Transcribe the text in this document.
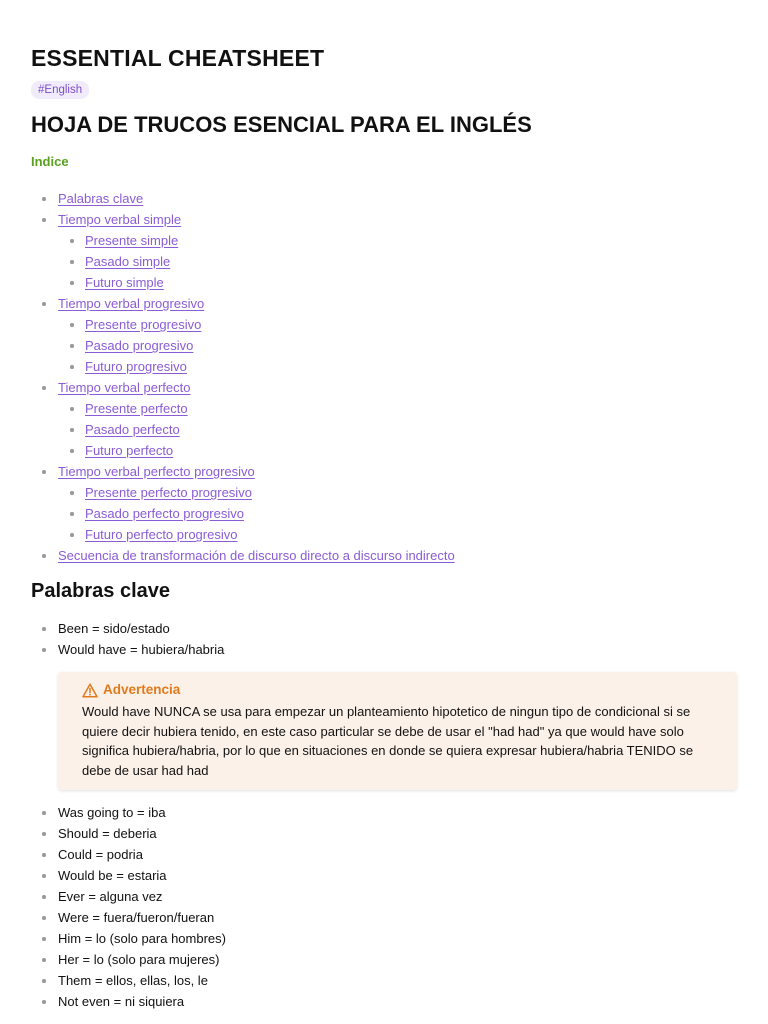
ESSENTIAL CHEATSHEET
#English
HOJA DE TRUCOS ESENCIAL PARA EL INGLÉS
Indice
Palabras clave
Tiempo verbal simple
Presente simple
Pasado simple
Futuro simple
Tiempo verbal progresivo
Presente progresivo
Pasado progresivo
Futuro progresivo
Tiempo verbal perfecto
Presente perfecto
Pasado perfecto
Futuro perfecto
Tiempo verbal perfecto progresivo
Presente perfecto progresivo
Pasado perfecto progresivo
Futuro perfecto progresivo
Secuencia de transformación de discurso directo a discurso indirecto
Palabras clave
Been = sido/estado
Would have = hubiera/habria
Advertencia
Would have NUNCA se usa para empezar un planteamiento hipotetico de ningun tipo de condicional si se quiere decir hubiera tenido, en este caso particular se debe de usar el "had had" ya que would have solo significa hubiera/habria, por lo que en situaciones en donde se quiera expresar hubiera/habria TENIDO se debe de usar had had
Was going to = iba
Should = deberia
Could = podria
Would be = estaria
Ever = alguna vez
Were = fuera/fueron/fueran
Him = lo (solo para hombres)
Her = lo (solo para mujeres)
Them = ellos, ellas, los, le
Not even = ni siquiera
